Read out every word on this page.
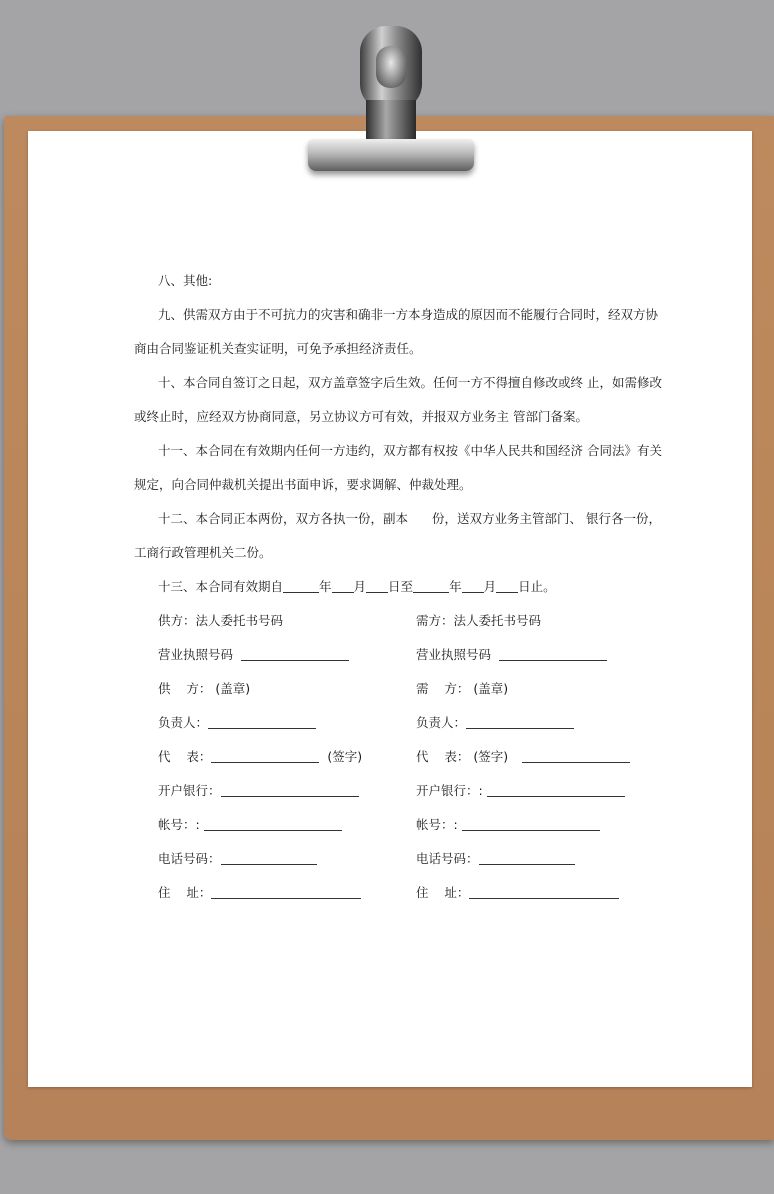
八、其他:

九、供需双方由于不可抗力的灾害和确非一方本身造成的原因而不能履行合同时，经双方协

商由合同鉴证机关查实证明，可免予承担经济责任。

十、本合同自签订之日起，双方盖章签字后生效。任何一方不得擅自修改或终 止，如需修改

或终止时，应经双方协商同意，另立协议方可有效，并报双方业务主 管部门备案。

十一、本合同在有效期内任何一方违约，双方都有权按《中华人民共和国经济 合同法》有关

规定，向合同仲裁机关提出书面申诉，要求调解、仲裁处理。

十二、本合同正本两份，双方各执一份，副本 份，送双方业务主管部门、 银行各一份，

工商行政管理机关二份。

十三、本合同有效期自	年 月 日至	年 月 日止。

供方：法人委托书号码	需方：法人委托书号码
营业执照号码	营业执照号码
供    方： (盖章)	需    方： (盖章)
负责人：	负责人：
代    表：	(签字)	代    表： (签字)
开户银行：	开户银行：:
帐号：:	帐号：:
电话号码：	电话号码：
住    址：	住    址：
